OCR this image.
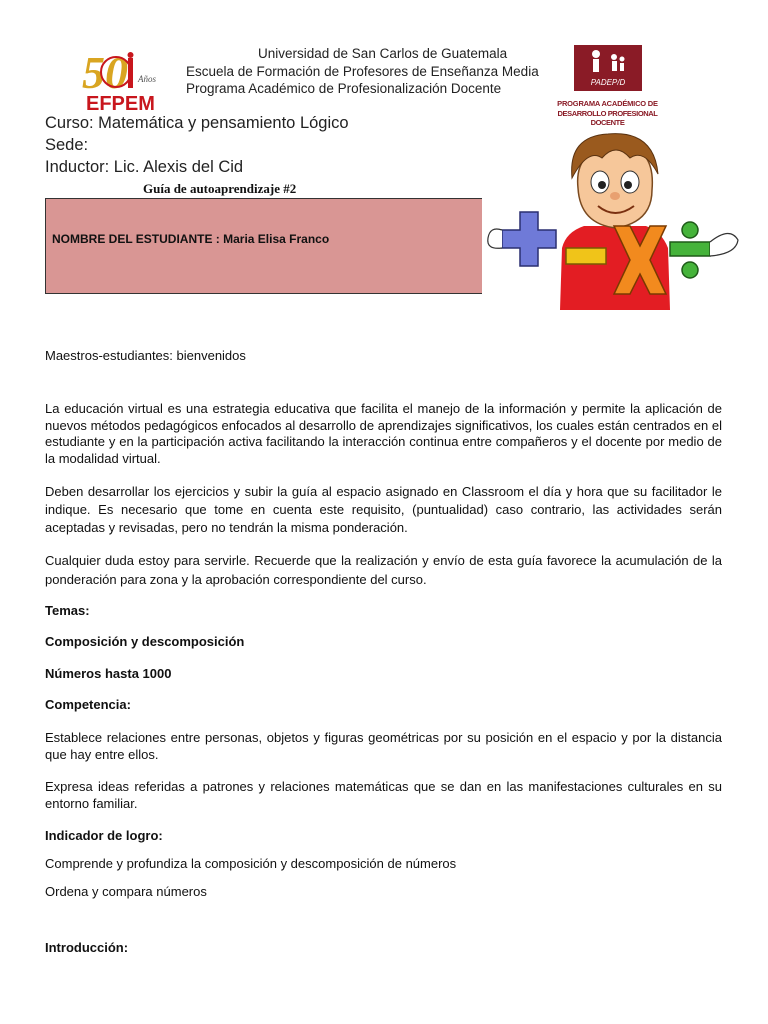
50 Años
EFPEM
Universidad de San Carlos de Guatemala
Escuela de Formación de Profesores de Enseñanza Media
Programa Académico de Profesionalización Docente	PADEP/D
PROGRAMA ACADÉMICO DE
DESARROLLO PROFESIONAL DOCENTE
Curso: Matemática y pensamiento Lógico
Sede:
Inductor: Lic. Alexis del Cid
Guía de autoaprendizaje #2
NOMBRE DEL ESTUDIANTE : Maria Elisa Franco
Maestros-estudiantes: bienvenidos
La educación virtual es una estrategia educativa que facilita el manejo de la información y permite la aplicación de nuevos métodos pedagógicos enfocados al desarrollo de aprendizajes significativos, los cuales están centrados en el estudiante y en la participación activa facilitando la interacción continua entre compañeros y el docente por medio de la modalidad virtual.
Deben desarrollar los ejercicios y subir la guía al espacio asignado en Classroom el día y hora que su facilitador le indique. Es necesario que tome en cuenta este requisito, (puntualidad) caso contrario, las actividades serán aceptadas y revisadas, pero no tendrán la misma ponderación.
Cualquier duda estoy para servirle. Recuerde que la realización y envío de esta guía favorece la acumulación de la ponderación para zona y la aprobación correspondiente del curso.
Temas:
Composición y descomposición
Números hasta 1000
Competencia:
Establece relaciones entre personas, objetos y figuras geométricas por su posición en el espacio y por la distancia que hay entre ellos.
Expresa ideas referidas a patrones y relaciones matemáticas que se dan en las manifestaciones culturales en su entorno familiar.
Indicador de logro:
Comprende y profundiza la composición y descomposición de números
Ordena y compara números
Introducción:
